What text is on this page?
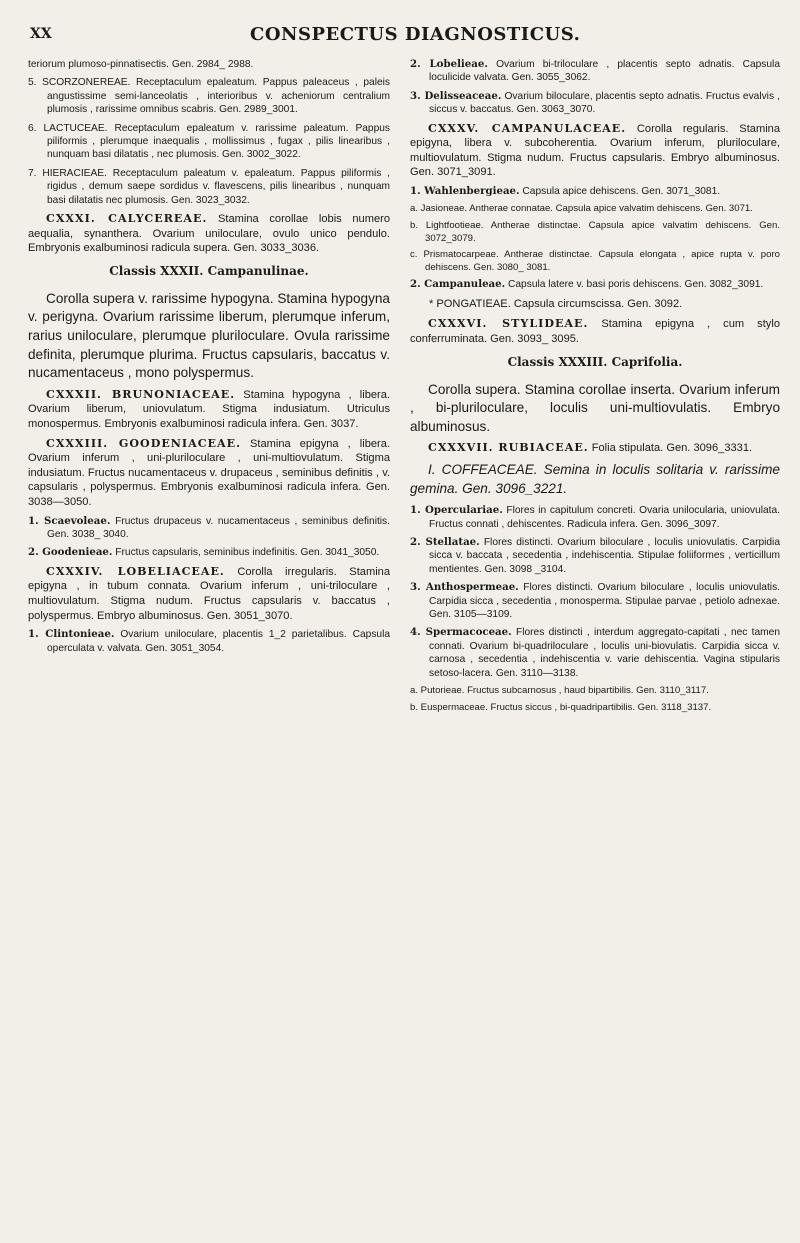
XX	CONSPECTUS DIAGNOSTICUS.

teriorum plumoso-pinnatisectis. Gen. 2984_ 2988.

5. SCORZONEREAE. Receptaculum epaleatum. Pappus paleaceus , paleis angustissime semi-lanceolatis , interioribus v. acheniorum centralium plumosis , rarissime omnibus scabris. Gen. 2989_3001.

6. LACTUCEAE. Receptaculum epaleatum v. rarissime paleatum. Pappus piliformis , plerumque inaequalis , mollissimus , fugax , pilis linearibus , nunquam basi dilatatis , nec plumosis. Gen. 3002_3022.

7. HIERACIEAE. Receptaculum paleatum v. epaleatum. Pappus piliformis , rigidus , demum saepe sordidus v. flavescens, pilis linearibus , nunquam basi dilatatis nec plumosis. Gen. 3023_3032.

CXXXI. CALYCEREAE. Stamina corollae lobis numero aequalia, synanthera. Ovarium uniloculare, ovulo unico pendulo. Embryonis exalbuminosi radicula supera. Gen. 3033_3036.

Classis XXXII. Campanulinae.

Corolla supera v. rarissime hypogyna. Stamina hypogyna v. perigyna. Ovarium rarissime liberum, plerumque inferum, rarius uniloculare, plerumque pluriloculare. Ovula rarissime definita, plerumque plurima. Fructus capsularis, baccatus v. nucamentaceus , mono polyspermus.

CXXXII. BRUNONIACEAE. Stamina hypogyna , libera. Ovarium liberum, uniovulatum. Stigma indusiatum. Utriculus monospermus. Embryonis exalbuminosi radicula infera. Gen. 3037.

CXXXIII. GOODENIACEAE. Stamina epigyna , libera. Ovarium inferum , uni-pluriloculare , uni-multiovulatum. Stigma indusiatum. Fructus nucamentaceus v. drupaceus , seminibus definitis , v. capsularis , polyspermus. Embryonis exalbuminosi radicula infera. Gen. 3038—3050.

1. Scaevoleae. Fructus drupaceus v. nucamentaceus , seminibus definitis. Gen. 3038_ 3040.

2. Goodenieae. Fructus capsularis, seminibus indefinitis. Gen. 3041_3050.

CXXXIV. LOBELIACEAE. Corolla irregularis. Stamina epigyna , in tubum connata. Ovarium inferum , uni-triloculare , multiovulatum. Stigma nudum. Fructus capsularis v. baccatus , polyspermus. Embryo albuminosus. Gen. 3051_3070.

1. Clintonieae. Ovarium uniloculare, placentis 1_2 parietalibus. Capsula operculata v. valvata. Gen. 3051_3054.

2. Lobelieae. Ovarium bi-triloculare , placentis septo adnatis. Capsula loculicide valvata. Gen. 3055_3062.

3. Delisseaceae. Ovarium biloculare, placentis septo adnatis. Fructus evalvis , siccus v. baccatus. Gen. 3063_3070.

CXXXV. CAMPANULACEAE. Corolla regularis. Stamina epigyna, libera v. subcoherentia. Ovarium inferum, pluriloculare, multiovulatum. Stigma nudum. Fructus capsularis. Embryo albuminosus. Gen. 3071_3091.

1. Wahlenbergieae. Capsula apice dehiscens. Gen. 3071_3081.

a. Jasioneae. Antherae connatae. Capsula apice valvatim dehiscens. Gen. 3071.

b. Lightfootieae. Antherae distinctae. Capsula apice valvatim dehiscens. Gen. 3072_3079.

c. Prismatocarpeae. Antherae distinctae. Capsula elongata , apice rupta v. poro dehiscens. Gen. 3080_ 3081.

2. Campanuleae. Capsula latere v. basi poris dehiscens. Gen. 3082_3091.

* PONGATIEAE. Capsula circumscissa. Gen. 3092.

CXXXVI. STYLIDEAE. Stamina epigyna , cum stylo conferruminata. Gen. 3093_ 3095.

Classis XXXIII. Caprifolia.

Corolla supera. Stamina corollae inserta. Ovarium inferum , bi-pluriloculare, loculis uni-multiovulatis. Embryo albuminosus.

CXXXVII. RUBIACEAE. Folia stipulata. Gen. 3096_3331.

I. COFFEACEAE. Semina in loculis solitaria v. rarissime gemina. Gen. 3096_3221.

1. Operculariae. Flores in capitulum concreti. Ovaria unilocularia, uniovulata. Fructus connati , dehiscentes. Radicula infera. Gen. 3096_3097.

2. Stellatae. Flores distincti. Ovarium biloculare , loculis uniovulatis. Carpidia sicca v. baccata , secedentia , indehiscentia. Stipulae foliiformes , verticillum mentientes. Gen. 3098 _3104.

3. Anthospermeae. Flores distincti. Ovarium biloculare , loculis uniovulatis. Carpidia sicca , secedentia , monosperma. Stipulae parvae , petiolo adnexae. Gen. 3105—3109.

4. Spermacoceae. Flores distincti , interdum aggregato-capitati , nec tamen connati. Ovarium bi-quadriloculare , loculis uni-biovulatis. Carpidia sicca v. carnosa , secedentia , indehiscentia v. varie dehiscentia. Vagina stipularis setoso-lacera. Gen. 3110—3138.

a. Putorieae. Fructus subcarnosus , haud bipartibilis. Gen. 3110_3117.

b. Euspermaceae. Fructus siccus , bi-quadripartibilis. Gen. 3118_3137.
